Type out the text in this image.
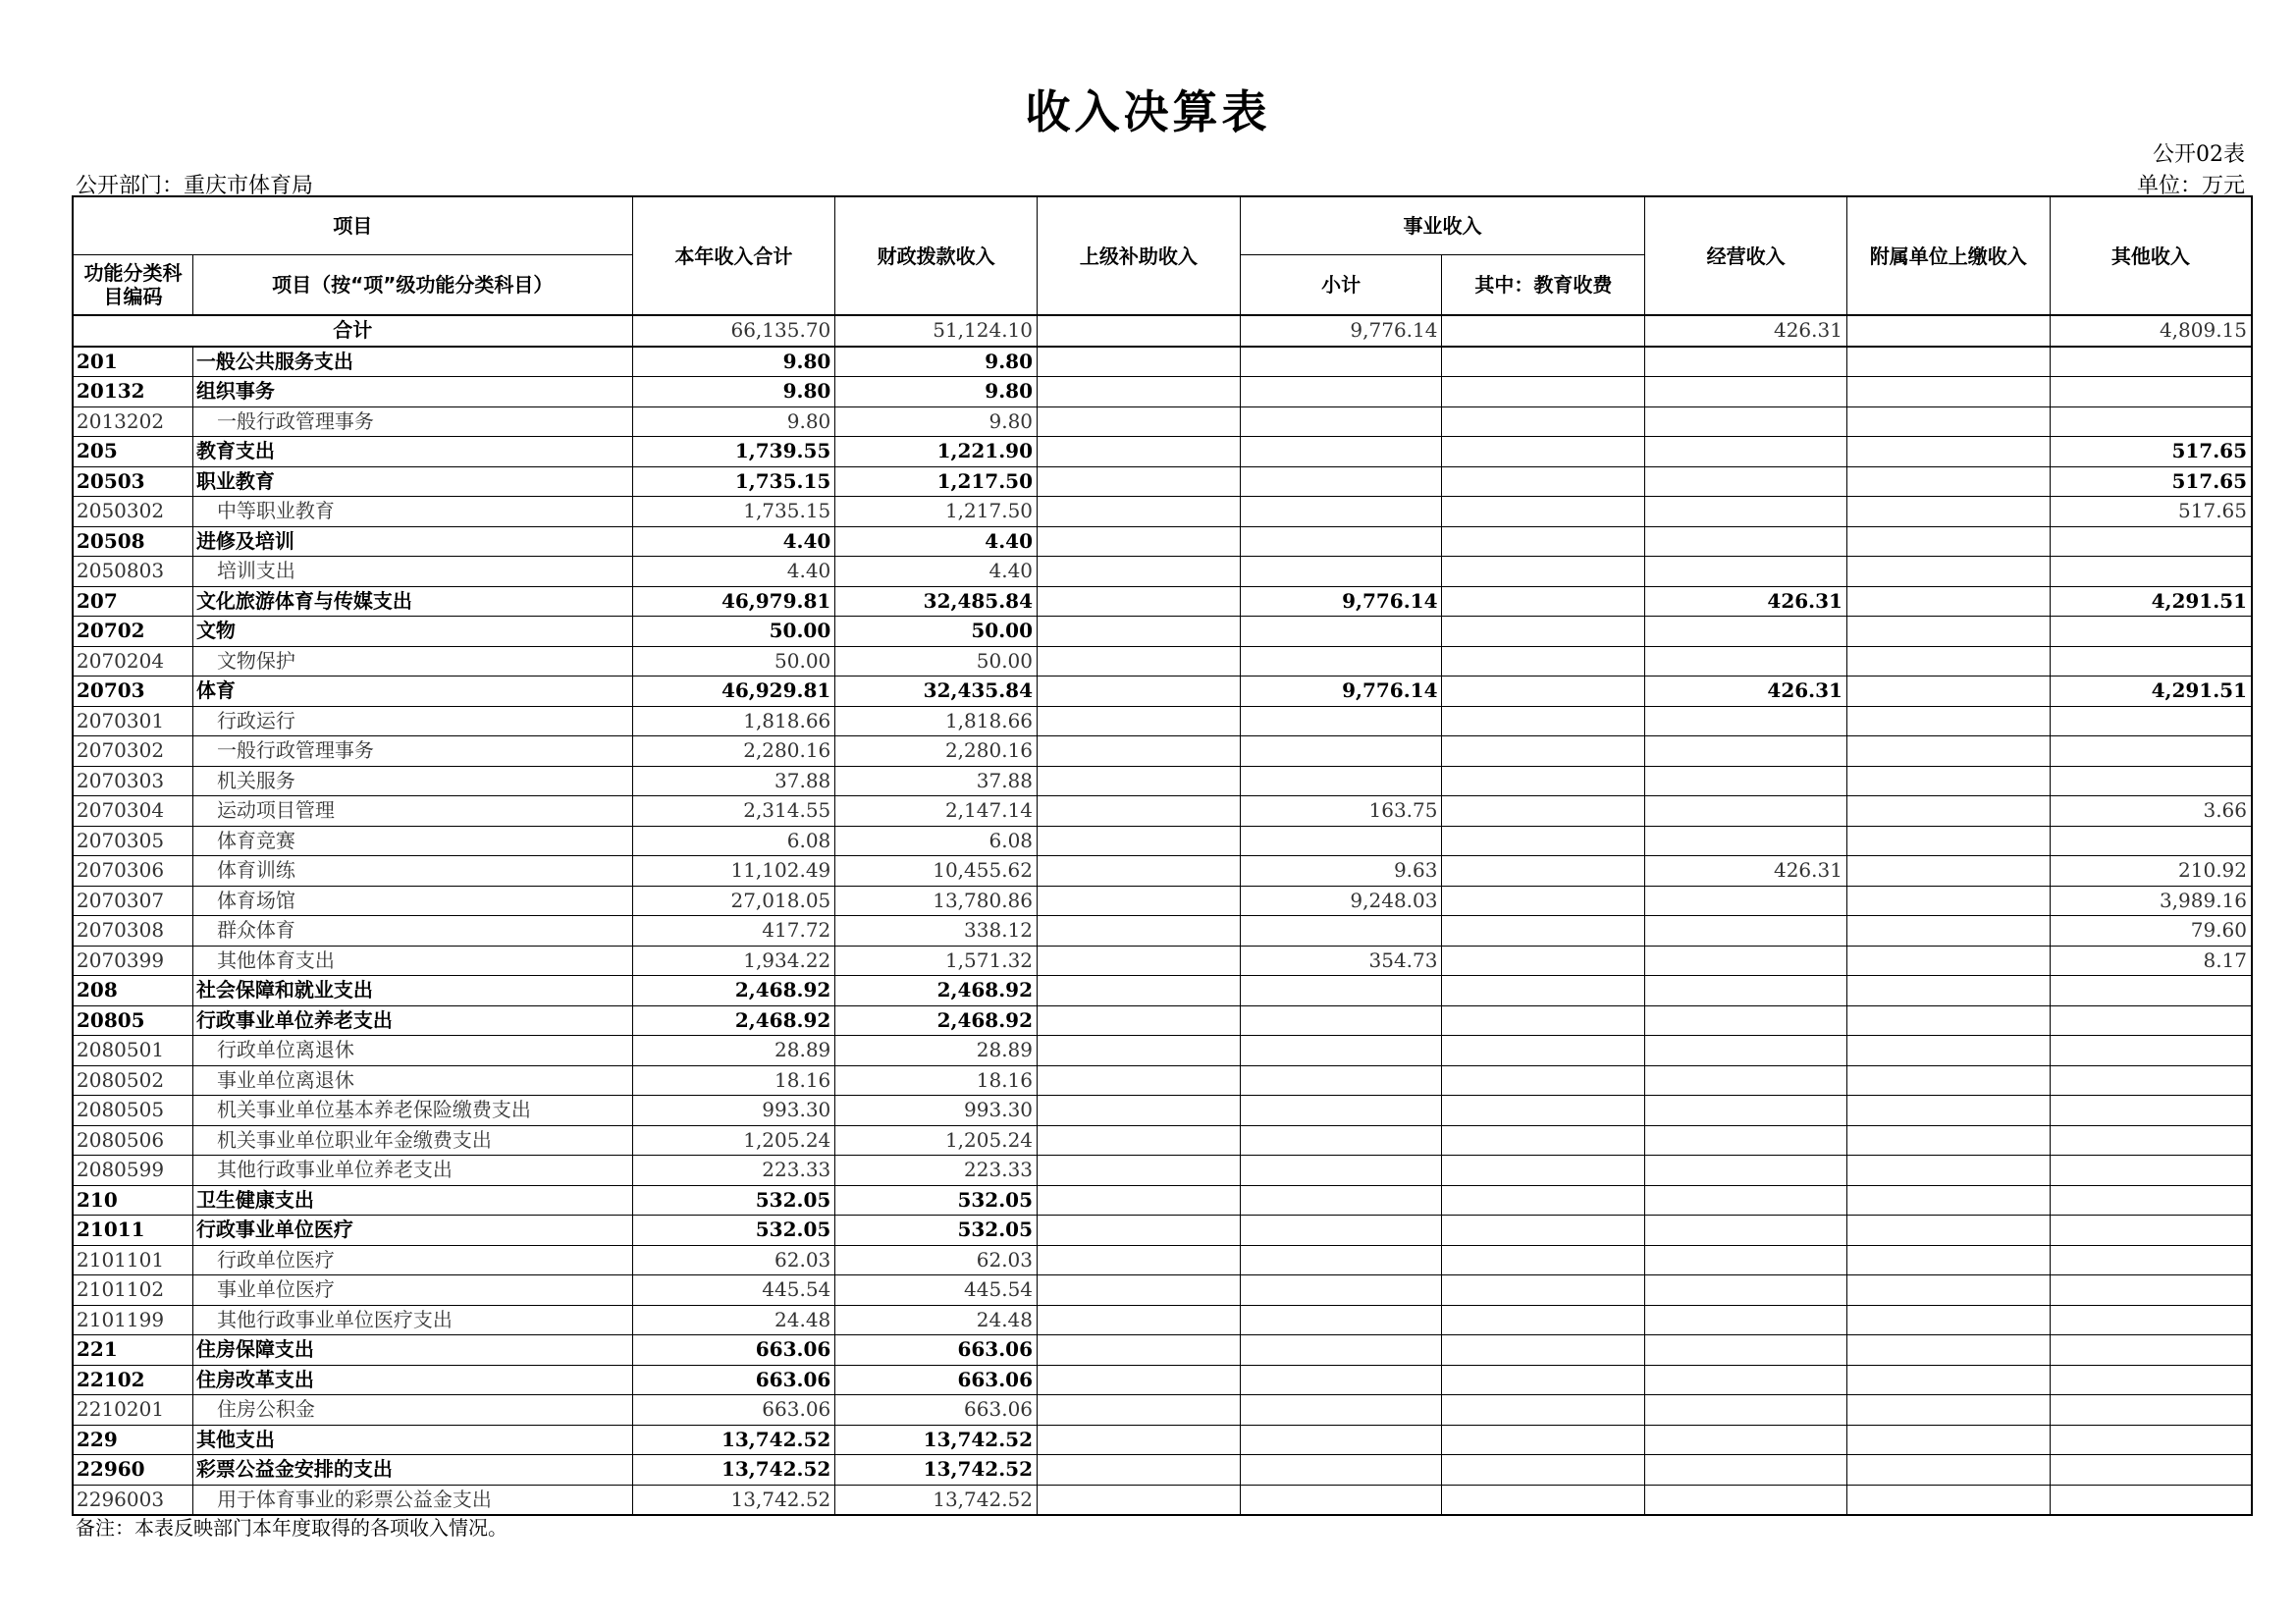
收入决算表
公开02表
公开部门：重庆市体育局	单位：万元
项目		本年收入合计	财政拨款收入	上级补助收入	事业收入		经营收入	附属单位上缴收入	其他收入
功能分类科目编码	项目（按“项”级功能分类科目）				小计	其中：教育收费			

合计		66,135.70	51,124.10		9,776.14		426.31		4,809.15
201	一般公共服务支出	9.80	9.80						
20132	组织事务	9.80	9.80						
2013202	一般行政管理事务	9.80	9.80						
205	教育支出	1,739.55	1,221.90						517.65
20503	职业教育	1,735.15	1,217.50						517.65
2050302	中等职业教育	1,735.15	1,217.50						517.65
20508	进修及培训	4.40	4.40						
2050803	培训支出	4.40	4.40						
207	文化旅游体育与传媒支出	46,979.81	32,485.84		9,776.14		426.31		4,291.51
20702	文物	50.00	50.00						
2070204	文物保护	50.00	50.00						
20703	体育	46,929.81	32,435.84		9,776.14		426.31		4,291.51
2070301	行政运行	1,818.66	1,818.66						
2070302	一般行政管理事务	2,280.16	2,280.16						
2070303	机关服务	37.88	37.88						
2070304	运动项目管理	2,314.55	2,147.14		163.75				3.66
2070305	体育竞赛	6.08	6.08						
2070306	体育训练	11,102.49	10,455.62		9.63		426.31		210.92
2070307	体育场馆	27,018.05	13,780.86		9,248.03				3,989.16
2070308	群众体育	417.72	338.12						79.60
2070399	其他体育支出	1,934.22	1,571.32		354.73				8.17
208	社会保障和就业支出	2,468.92	2,468.92						
20805	行政事业单位养老支出	2,468.92	2,468.92						
2080501	行政单位离退休	28.89	28.89						
2080502	事业单位离退休	18.16	18.16						
2080505	机关事业单位基本养老保险缴费支出	993.30	993.30						
2080506	机关事业单位职业年金缴费支出	1,205.24	1,205.24						
2080599	其他行政事业单位养老支出	223.33	223.33						
210	卫生健康支出	532.05	532.05						
21011	行政事业单位医疗	532.05	532.05						
2101101	行政单位医疗	62.03	62.03						
2101102	事业单位医疗	445.54	445.54						
2101199	其他行政事业单位医疗支出	24.48	24.48						
221	住房保障支出	663.06	663.06						
22102	住房改革支出	663.06	663.06						
2210201	住房公积金	663.06	663.06						
229	其他支出	13,742.52	13,742.52						
22960	彩票公益金安排的支出	13,742.52	13,742.52						
2296003	用于体育事业的彩票公益金支出	13,742.52	13,742.52						
备注：本表反映部门本年度取得的各项收入情况。
